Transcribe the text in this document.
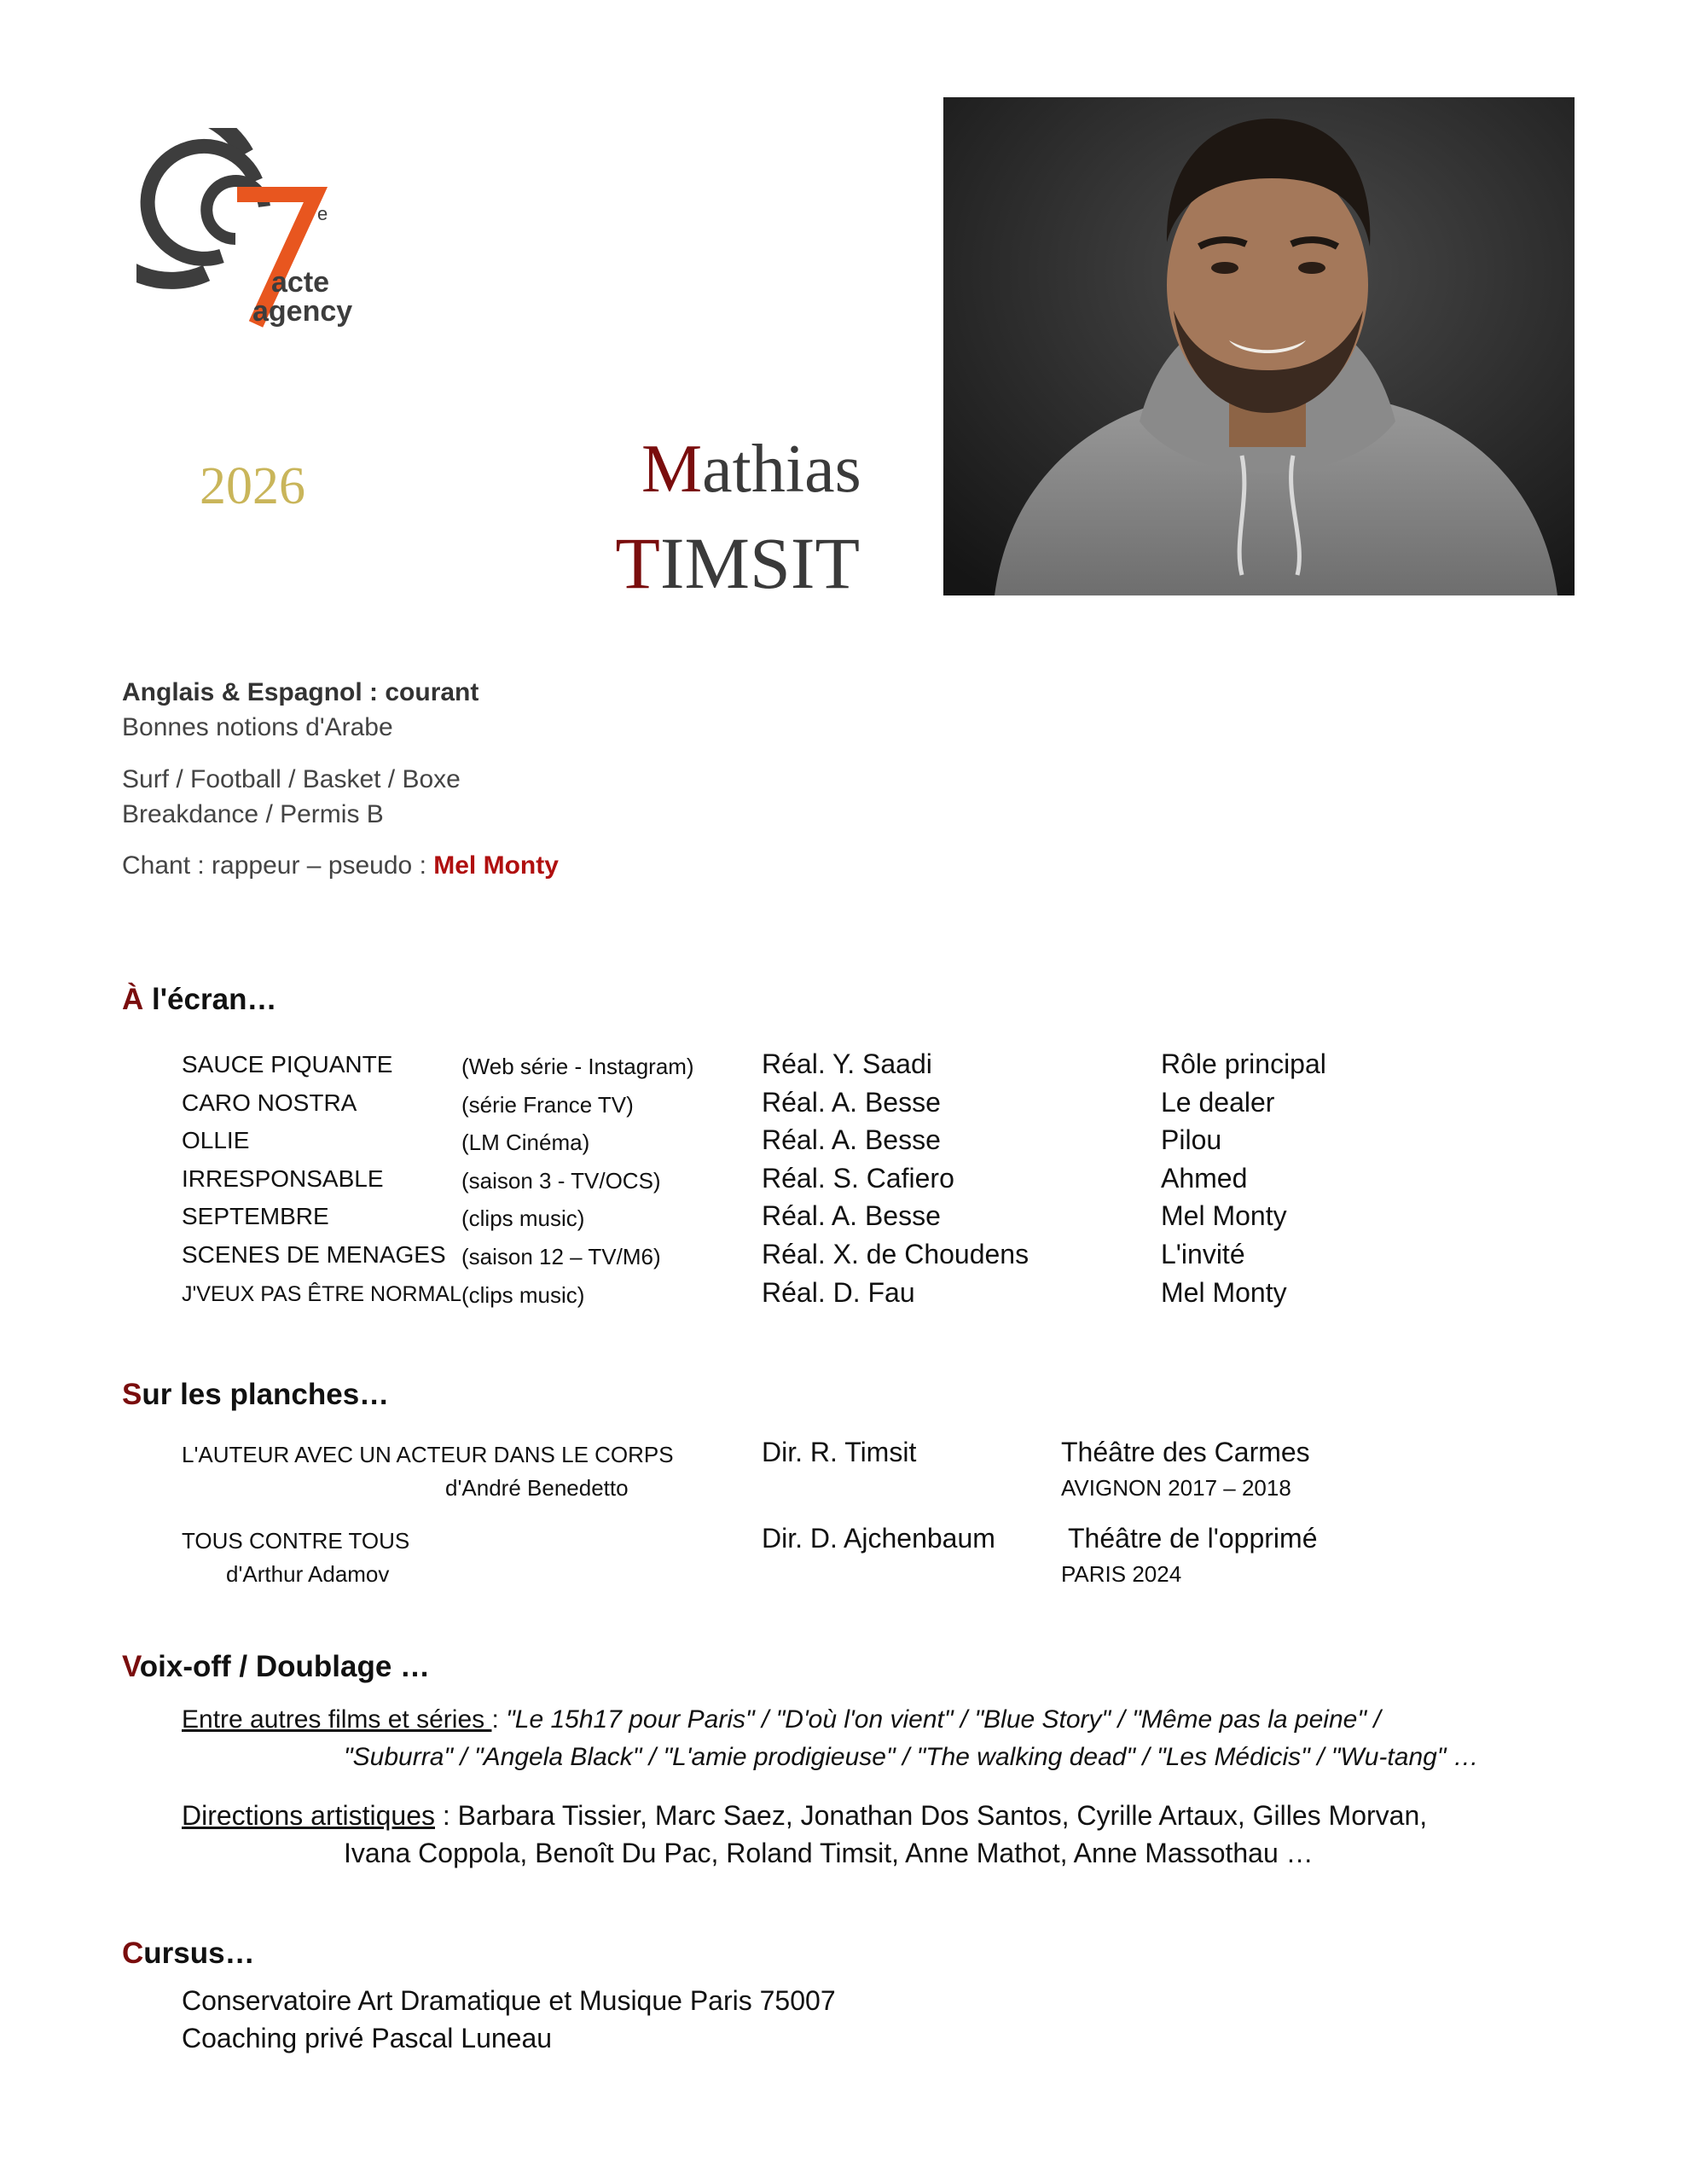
e
acte
agency
2026	Mathias
TIMSIT
Anglais & Espagnol : courant
Bonnes notions d'Arabe
Surf / Football / Basket / Boxe
Breakdance / Permis B
Chant : rappeur – pseudo : Mel Monty
À l'écran…
SAUCE PIQUANTE	(Web série - Instagram) Réal. Y. Saadi	Rôle principal
CARO NOSTRA	(série France TV)	Réal. A. Besse	Le dealer
OLLIE	(LM Cinéma)	Réal. A. Besse	Pilou
IRRESPONSABLE	(saison 3 - TV/OCS)	Réal. S. Cafiero	Ahmed
SEPTEMBRE	(clips music)	Réal. A. Besse	Mel Monty
SCENES DE MENAGES (saison 12 – TV/M6)	Réal. X. de Choudens	L'invité
J'VEUX PAS ÊTRE NORMAL (clips music)	Réal. D. Fau	Mel Monty
Sur les planches…
L'AUTEUR AVEC UN ACTEUR DANS LE CORPS
d'André Benedetto
Dir. R. Timsit	Théâtre des Carmes
AVIGNON 2017 – 2018
TOUS CONTRE TOUS
d'Arthur Adamov
Dir. D. Ajchenbaum	Théâtre de l'opprimé
PARIS 2024
Voix-off / Doublage …
Entre autres films et séries : "Le 15h17 pour Paris" / "D'où l'on vient" / "Blue Story" / "Même pas la peine" /
"Suburra" / "Angela Black" / "L'amie prodigieuse" / "The walking dead" / "Les Médicis" / "Wu-tang" …
Directions artistiques : Barbara Tissier, Marc Saez, Jonathan Dos Santos, Cyrille Artaux, Gilles Morvan,
Ivana Coppola, Benoît Du Pac, Roland Timsit, Anne Mathot, Anne Massothau …
Cursus…
Conservatoire Art Dramatique et Musique Paris 75007
Coaching privé Pascal Luneau
